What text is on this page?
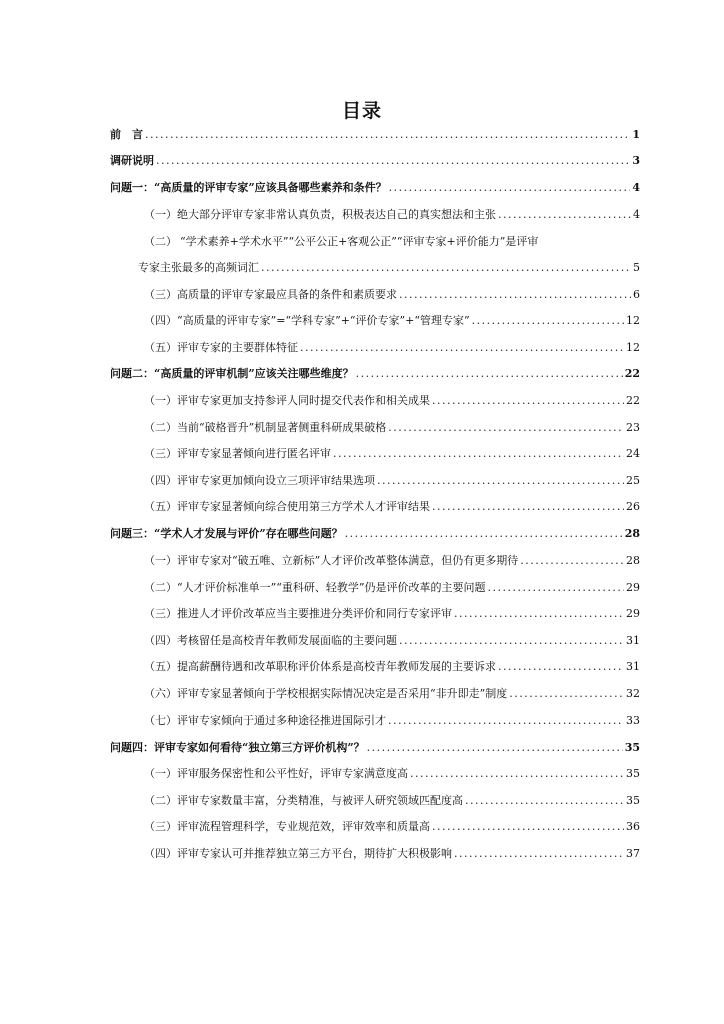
目录
前　言 .....	1
调研说明 .....	3
问题一：“高质量的评审专家”应该具备哪些素养和条件？ .....	4
（一） 绝大部分评审专家非常认真负责，积极表达自己的真实想法和主张 .....	4
（二） “学术素养+学术水平”“公平公正+客观公正”“评审专家+评价能力”是评审
专家主张最多的高频词汇 .....	5
（三） 高质量的评审专家最应具备的条件和素质要求 .....	6
（四） “高质量的评审专家”=“学科专家”+“评价专家”+“管理专家” .....	12
（五） 评审专家的主要群体特征 .....	12
问题二：“高质量的评审机制”应该关注哪些维度？ .....	22
（一） 评审专家更加支持参评人同时提交代表作和相关成果 .....	22
（二） 当前“破格晋升”机制显著侧重科研成果破格 .....	23
（三） 评审专家显著倾向进行匿名评审 .....	24
（四） 评审专家更加倾向设立三项评审结果选项 .....	25
（五） 评审专家显著倾向综合使用第三方学术人才评审结果 .....	26
问题三：“学术人才发展与评价”存在哪些问题？ .....	28
（一） 评审专家对“破五唯、立新标”人才评价改革整体满意，但仍有更多期待 .....	28
（二） “人才评价标准单一”“重科研、轻教学”仍是评价改革的主要问题 .....	29
（三） 推进人才评价改革应当主要推进分类评价和同行专家评审 .....	29
（四） 考核留任是高校青年教师发展面临的主要问题 .....	31
（五） 提高薪酬待遇和改革职称评价体系是高校青年教师发展的主要诉求 .....	31
（六） 评审专家显著倾向于学校根据实际情况决定是否采用“非升即走”制度 .....	32
（七） 评审专家倾向于通过多种途径推进国际引才 .....	33
问题四：评审专家如何看待“独立第三方评价机构”？ .....	35
（一） 评审服务保密性和公平性好，评审专家满意度高 .....	35
（二） 评审专家数量丰富，分类精准，与被评人研究领域匹配度高 .....	35
（三） 评审流程管理科学，专业规范效，评审效率和质量高 .....	36
（四） 评审专家认可并推荐独立第三方平台，期待扩大积极影响 .....	37
